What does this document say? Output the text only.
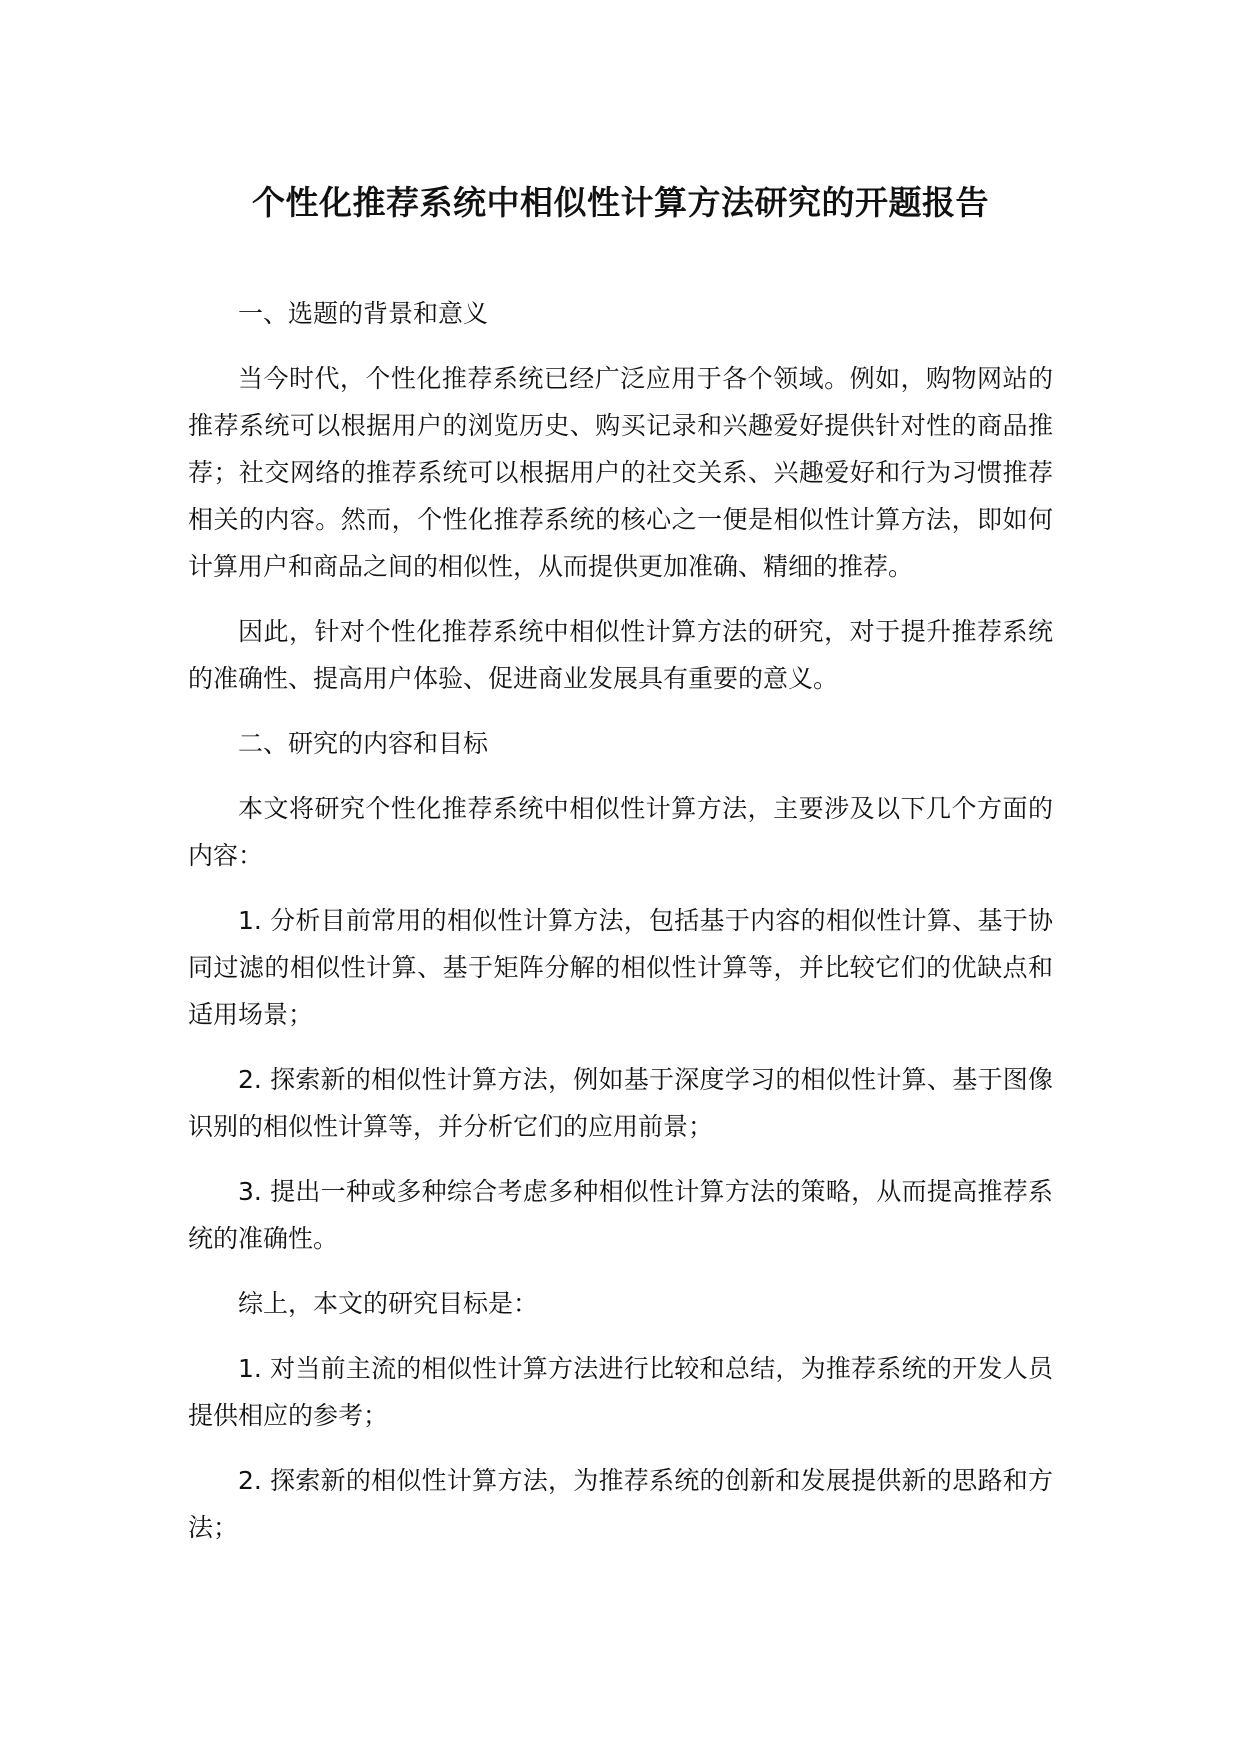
个性化推荐系统中相似性计算方法研究的开题报告

一、选题的背景和意义

当今时代，个性化推荐系统已经广泛应用于各个领域。例如，购物网站的推荐系统可以根据用户的浏览历史、购买记录和兴趣爱好提供针对性的商品推荐；社交网络的推荐系统可以根据用户的社交关系、兴趣爱好和行为习惯推荐相关的内容。然而，个性化推荐系统的核心之一便是相似性计算方法，即如何计算用户和商品之间的相似性，从而提供更加准确、精细的推荐。

因此，针对个性化推荐系统中相似性计算方法的研究，对于提升推荐系统的准确性、提高用户体验、促进商业发展具有重要的意义。

二、研究的内容和目标

本文将研究个性化推荐系统中相似性计算方法，主要涉及以下几个方面的内容：

1. 分析目前常用的相似性计算方法，包括基于内容的相似性计算、基于协同过滤的相似性计算、基于矩阵分解的相似性计算等，并比较它们的优缺点和适用场景；

2. 探索新的相似性计算方法，例如基于深度学习的相似性计算、基于图像识别的相似性计算等，并分析它们的应用前景；

3. 提出一种或多种综合考虑多种相似性计算方法的策略，从而提高推荐系统的准确性。

综上，本文的研究目标是：

1. 对当前主流的相似性计算方法进行比较和总结，为推荐系统的开发人员提供相应的参考；

2. 探索新的相似性计算方法，为推荐系统的创新和发展提供新的思路和方法；
